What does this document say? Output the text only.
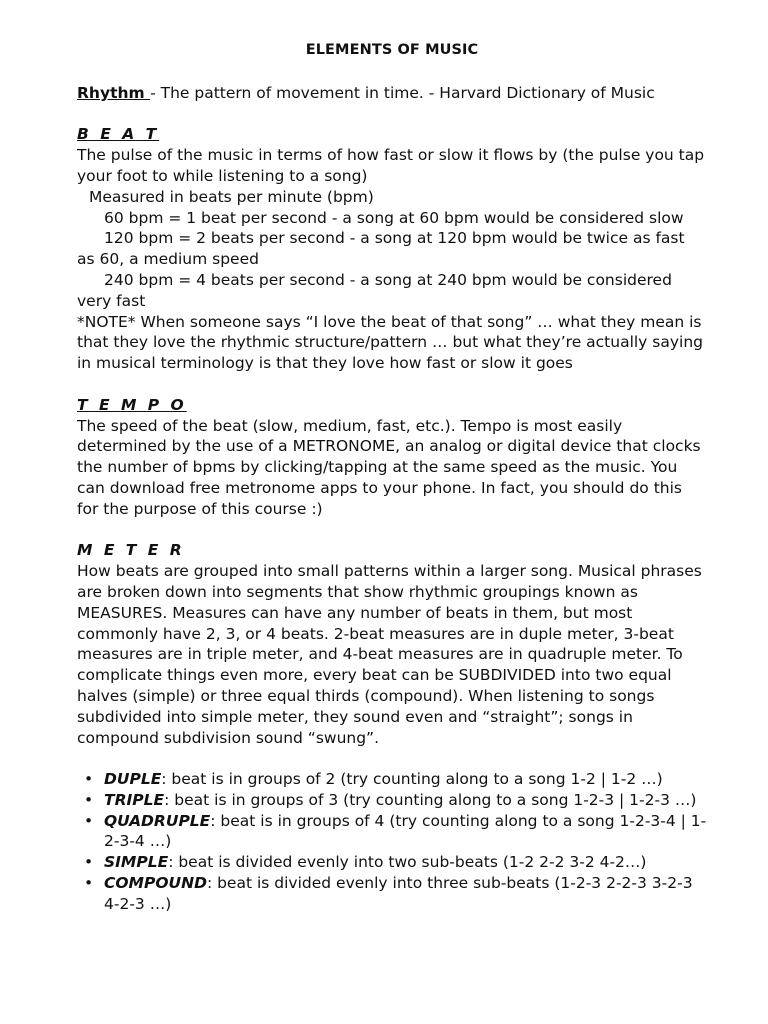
ELEMENTS OF MUSIC

Rhythm - The pattern of movement in time. - Harvard Dictionary of Music

B E A T

The pulse of the music in terms of how fast or slow it flows by (the pulse you tap your foot to while listening to a song)

Measured in beats per minute (bpm)

60 bpm = 1 beat per second - a song at 60 bpm would be considered slow

120 bpm = 2 beats per second - a song at 120 bpm would be twice as fast as 60, a medium speed

240 bpm = 4 beats per second - a song at 240 bpm would be considered very fast

*NOTE* When someone says “I love the beat of that song” … what they mean is that they love the rhythmic structure/pattern … but what they’re actually saying in musical terminology is that they love how fast or slow it goes

T E M P O

The speed of the beat (slow, medium, fast, etc.). Tempo is most easily determined by the use of a METRONOME, an analog or digital device that clocks the number of bpms by clicking/tapping at the same speed as the music. You can download free metronome apps to your phone. In fact, you should do this for the purpose of this course :)

M E T E R

How beats are grouped into small patterns within a larger song. Musical phrases are broken down into segments that show rhythmic groupings known as MEASURES. Measures can have any number of beats in them, but most commonly have 2, 3, or 4 beats. 2-beat measures are in duple meter, 3-beat measures are in triple meter, and 4-beat measures are in quadruple meter. To complicate things even more, every beat can be SUBDIVIDED into two equal halves (simple) or three equal thirds (compound). When listening to songs subdivided into simple meter, they sound even and “straight”; songs in compound subdivision sound “swung”.

• DUPLE: beat is in groups of 2 (try counting along to a song 1-2 | 1-2 …)
• TRIPLE: beat is in groups of 3 (try counting along to a song 1-2-3 | 1-2-3 …)
• QUADRUPLE: beat is in groups of 4 (try counting along to a song 1-2-3-4 | 1-2-3-4 …)
• SIMPLE: beat is divided evenly into two sub-beats (1-2 2-2 3-2 4-2…)
• COMPOUND: beat is divided evenly into three sub-beats (1-2-3 2-2-3 3-2-3 4-2-3 …)
